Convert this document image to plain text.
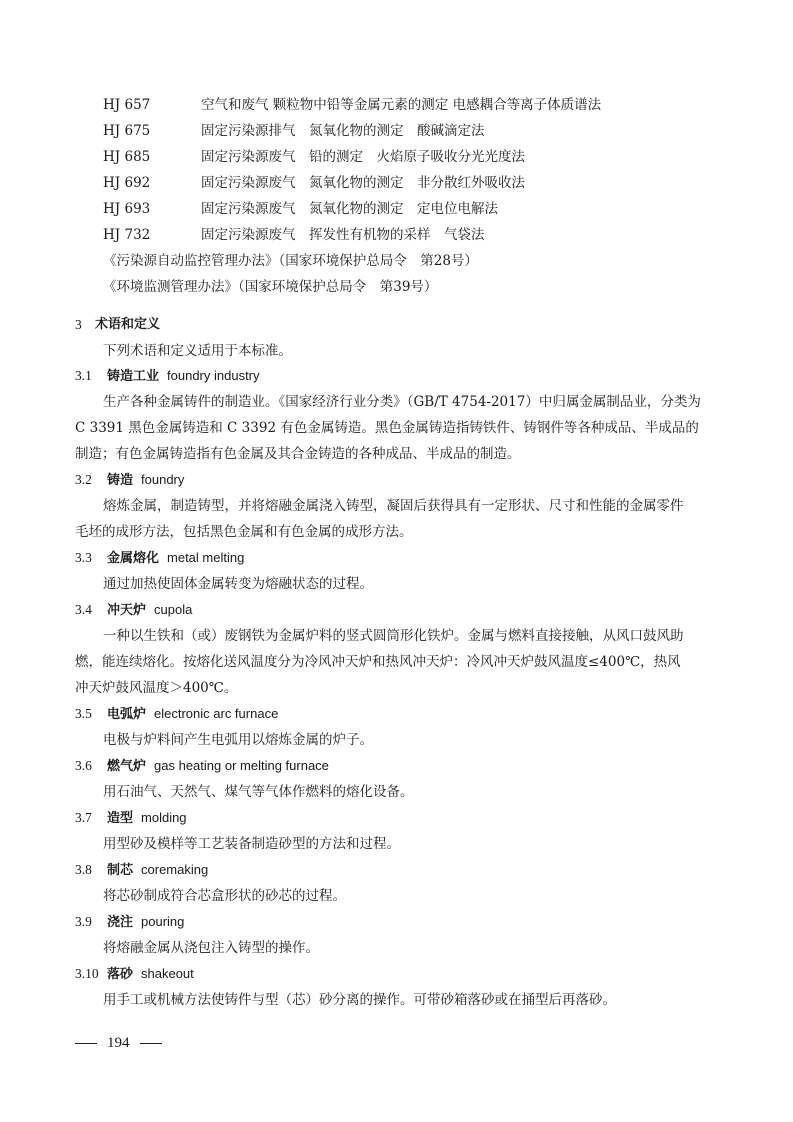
HJ 657	空气和废气 颗粒物中铅等金属元素的测定 电感耦合等离子体质谱法
HJ 675	固定污染源排气　氮氧化物的测定　酸碱滴定法
HJ 685	固定污染源废气　铅的测定　火焰原子吸收分光光度法
HJ 692	固定污染源废气　氮氧化物的测定　非分散红外吸收法
HJ 693	固定污染源废气　氮氧化物的测定　定电位电解法
HJ 732	固定污染源废气　挥发性有机物的采样　气袋法
《污染源自动监控管理办法》（国家环境保护总局令　第28号）
《环境监测管理办法》（国家环境保护总局令　第39号）
3 术语和定义
下列术语和定义适用于本标准。
3.1 铸造工业 foundry industry
生产各种金属铸件的制造业。《国家经济行业分类》（GB/T 4754-2017）中归属金属制品业，分类为
C 3391 黑色金属铸造和 C 3392 有色金属铸造。黑色金属铸造指铸铁件、铸钢件等各种成品、半成品的
制造；有色金属铸造指有色金属及其合金铸造的各种成品、半成品的制造。
3.2 铸造 foundry
熔炼金属，制造铸型，并将熔融金属浇入铸型，凝固后获得具有一定形状、尺寸和性能的金属零件
毛坯的成形方法，包括黑色金属和有色金属的成形方法。
3.3 金属熔化 metal melting
通过加热使固体金属转变为熔融状态的过程。
3.4 冲天炉 cupola
一种以生铁和（或）废钢铁为金属炉料的竖式圆筒形化铁炉。金属与燃料直接接触，从风口鼓风助
燃，能连续熔化。按熔化送风温度分为冷风冲天炉和热风冲天炉：冷风冲天炉鼓风温度≤400℃，热风
冲天炉鼓风温度＞400℃。
3.5 电弧炉 electronic arc furnace
电极与炉料间产生电弧用以熔炼金属的炉子。
3.6 燃气炉 gas heating or melting furnace
用石油气、天然气、煤气等气体作燃料的熔化设备。
3.7 造型 molding
用型砂及模样等工艺装备制造砂型的方法和过程。
3.8 制芯 coremaking
将芯砂制成符合芯盒形状的砂芯的过程。
3.9 浇注 pouring
将熔融金属从浇包注入铸型的操作。
3.10 落砂 shakeout
用手工或机械方法使铸件与型（芯）砂分离的操作。可带砂箱落砂或在捅型后再落砂。
194
